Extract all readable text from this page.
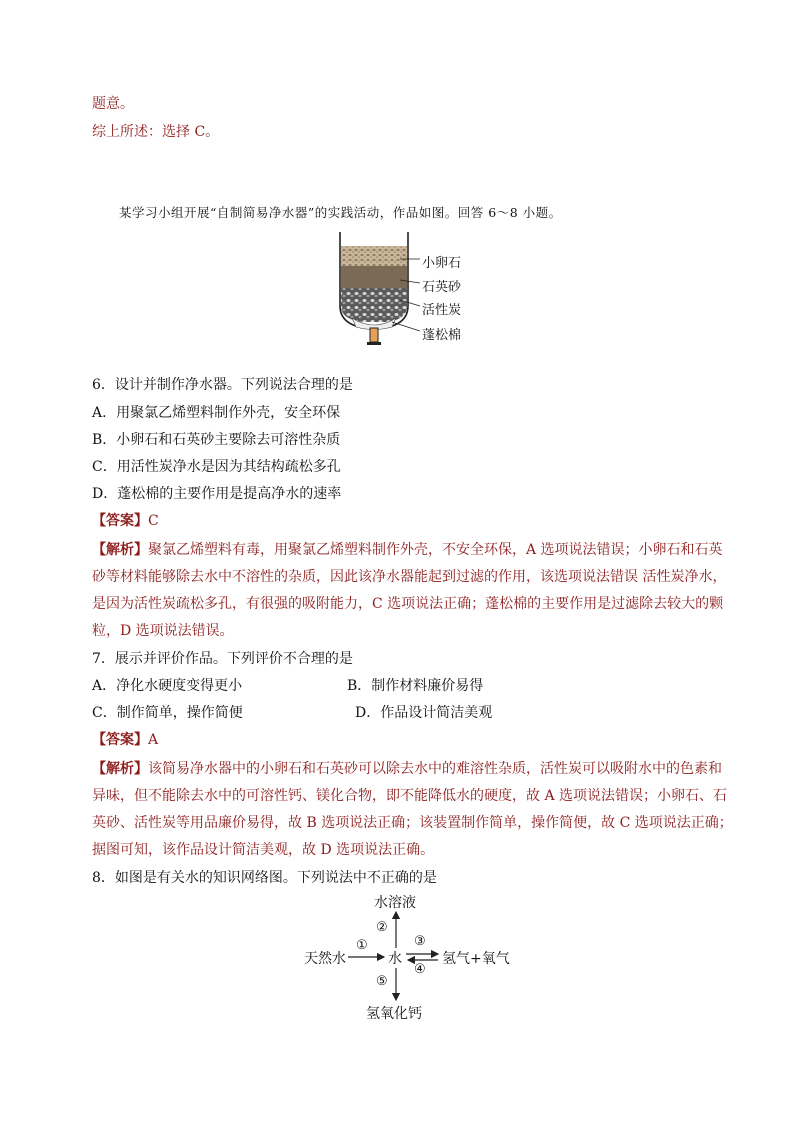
题意。
综上所述：选择 C。
某学习小组开展“自制简易净水器”的实践活动，作品如图。回答 6～8 小题。
小卵石
石英砂
活性炭
蓬松棉
6．设计并制作净水器。下列说法合理的是
A．用聚氯乙烯塑料制作外壳，安全环保
B．小卵石和石英砂主要除去可溶性杂质
C．用活性炭净水是因为其结构疏松多孔
D．蓬松棉的主要作用是提高净水的速率
【答案】C
【解析】聚氯乙烯塑料有毒，用聚氯乙烯塑料制作外壳，不安全环保，A 选项说法错误；小卵石和石英
砂等材料能够除去水中不溶性的杂质，因此该净水器能起到过滤的作用，该选项说法错误 活性炭净水，
是因为活性炭疏松多孔，有很强的吸附能力，C 选项说法正确；蓬松棉的主要作用是过滤除去较大的颗
粒，D 选项说法错误。
7．展示并评价作品。下列评价不合理的是
A．净化水硬度变得更小	B．制作材料廉价易得
C．制作简单，操作简便	D．作品设计简洁美观
【答案】A
【解析】该简易净水器中的小卵石和石英砂可以除去水中的难溶性杂质，活性炭可以吸附水中的色素和
异味，但不能除去水中的可溶性钙、镁化合物，即不能降低水的硬度，故 A 选项说法错误；小卵石、石
英砂、活性炭等用品廉价易得，故 B 选项说法正确；该装置制作简单，操作简便，故 C 选项说法正确；
据图可知，该作品设计简洁美观，故 D 选项说法正确。
8．如图是有关水的知识网络图。下列说法中不正确的是
水溶液
天然水	水	氢气+氧气
氢氧化钙
①
②
③
④
⑤
